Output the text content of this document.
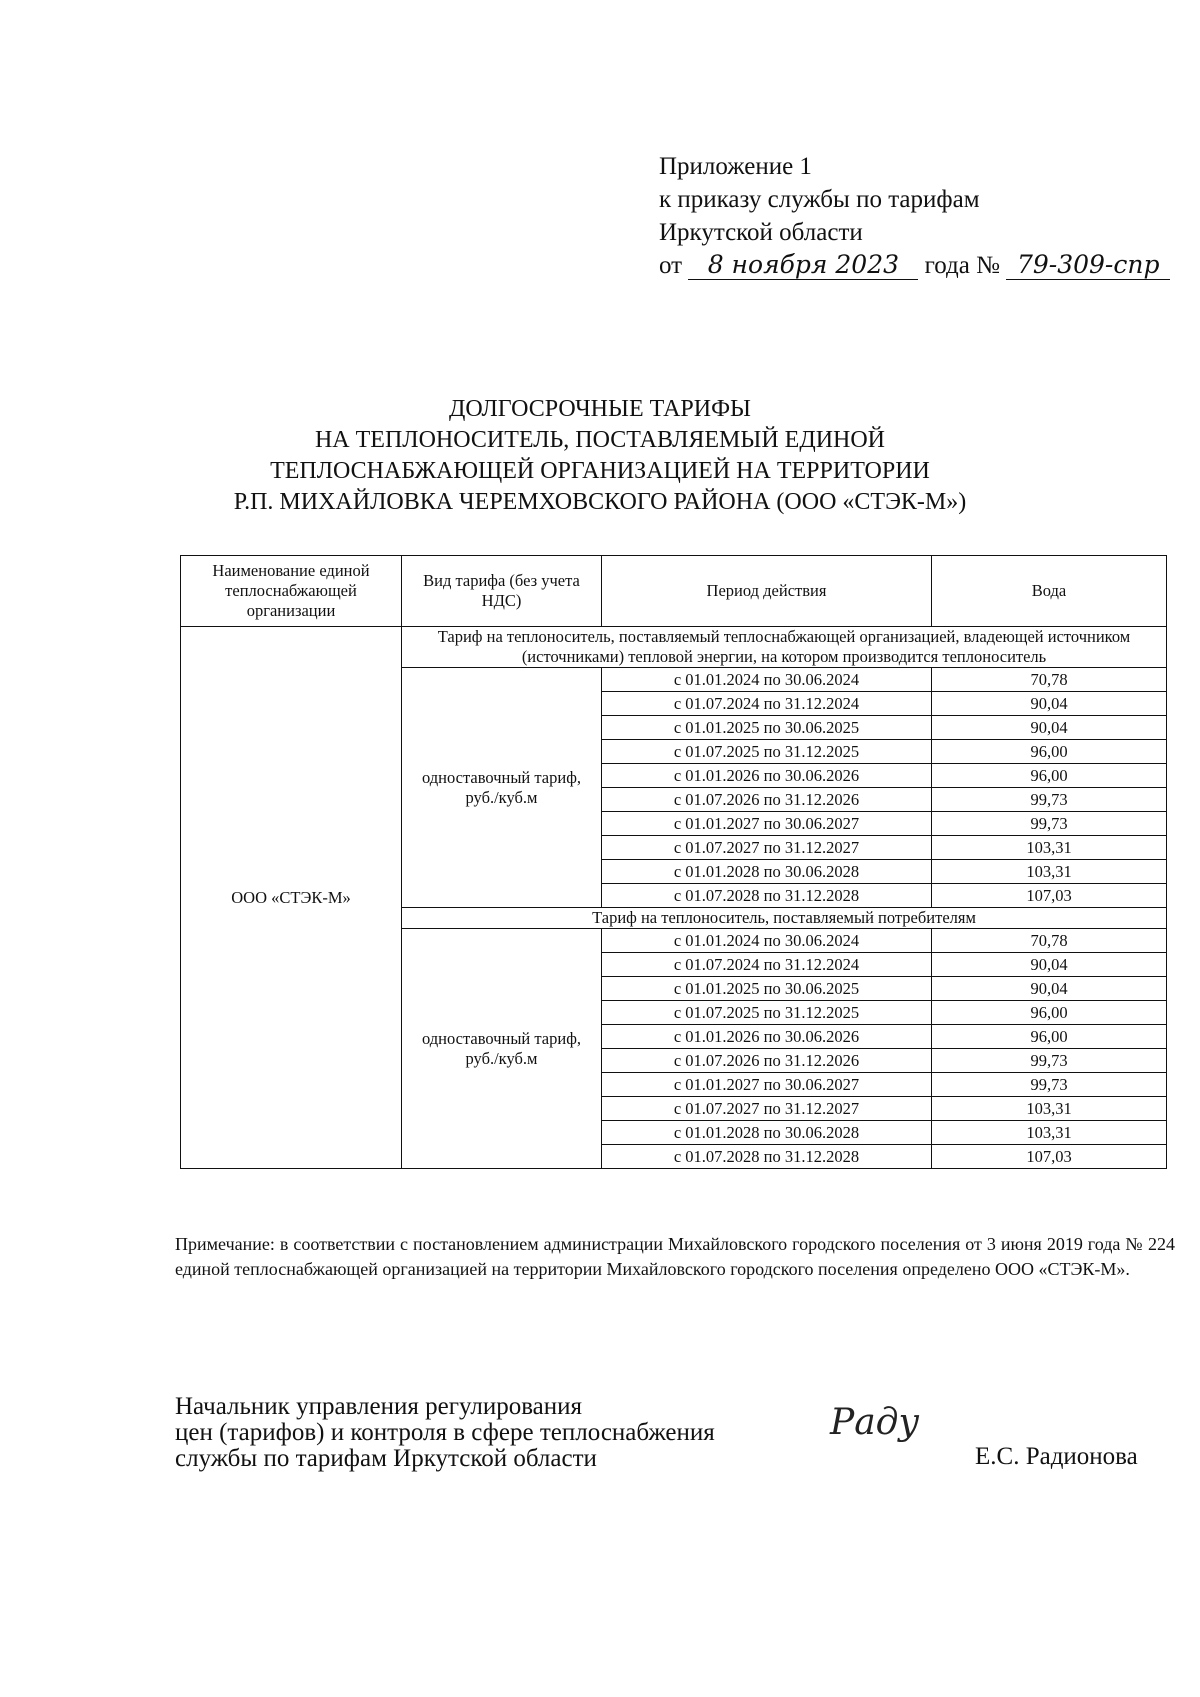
Приложение 1
к приказу службы по тарифам
Иркутской области
от 8 ноября 2023 года № 79-309-спр
ДОЛГОСРОЧНЫЕ ТАРИФЫ
НА ТЕПЛОНОСИТЕЛЬ, ПОСТАВЛЯЕМЫЙ ЕДИНОЙ
ТЕПЛОСНАБЖАЮЩЕЙ ОРГАНИЗАЦИЕЙ НА ТЕРРИТОРИИ
Р.П. МИХАЙЛОВКА ЧЕРЕМХОВСКОГО РАЙОНА (ООО «СТЭК-М»)
Наименование единой теплоснабжающей организации	Вид тарифа (без учета НДС)	Период действия	Вода
ООО «СТЭК-М»	Тариф на теплоноситель, поставляемый теплоснабжающей организацией, владеющей источником (источниками) тепловой энергии, на котором производится теплоноситель		
	одноставочный тариф, руб./куб.м	с 01.01.2024 по 30.06.2024	70,78
		с 01.07.2024 по 31.12.2024	90,04
		с 01.01.2025 по 30.06.2025	90,04
		с 01.07.2025 по 31.12.2025	96,00
		с 01.01.2026 по 30.06.2026	96,00
		с 01.07.2026 по 31.12.2026	99,73
		с 01.01.2027 по 30.06.2027	99,73
		с 01.07.2027 по 31.12.2027	103,31
		с 01.01.2028 по 30.06.2028	103,31
		с 01.07.2028 по 31.12.2028	107,03
	Тариф на теплоноситель, поставляемый потребителям		
	одноставочный тариф, руб./куб.м	с 01.01.2024 по 30.06.2024	70,78
		с 01.07.2024 по 31.12.2024	90,04
		с 01.01.2025 по 30.06.2025	90,04
		с 01.07.2025 по 31.12.2025	96,00
		с 01.01.2026 по 30.06.2026	96,00
		с 01.07.2026 по 31.12.2026	99,73
		с 01.01.2027 по 30.06.2027	99,73
		с 01.07.2027 по 31.12.2027	103,31
		с 01.01.2028 по 30.06.2028	103,31
		с 01.07.2028 по 31.12.2028	107,03
Примечание: в соответствии с постановлением администрации Михайловского городского поселения от 3 июня 2019 года № 224 единой теплоснабжающей организацией на территории Михайловского городского поселения определено ООО «СТЭК-М».
Начальник управления регулирования
цен (тарифов) и контроля в сфере теплоснабжения
службы по тарифам Иркутской области
Раду
Е.С. Радионова
